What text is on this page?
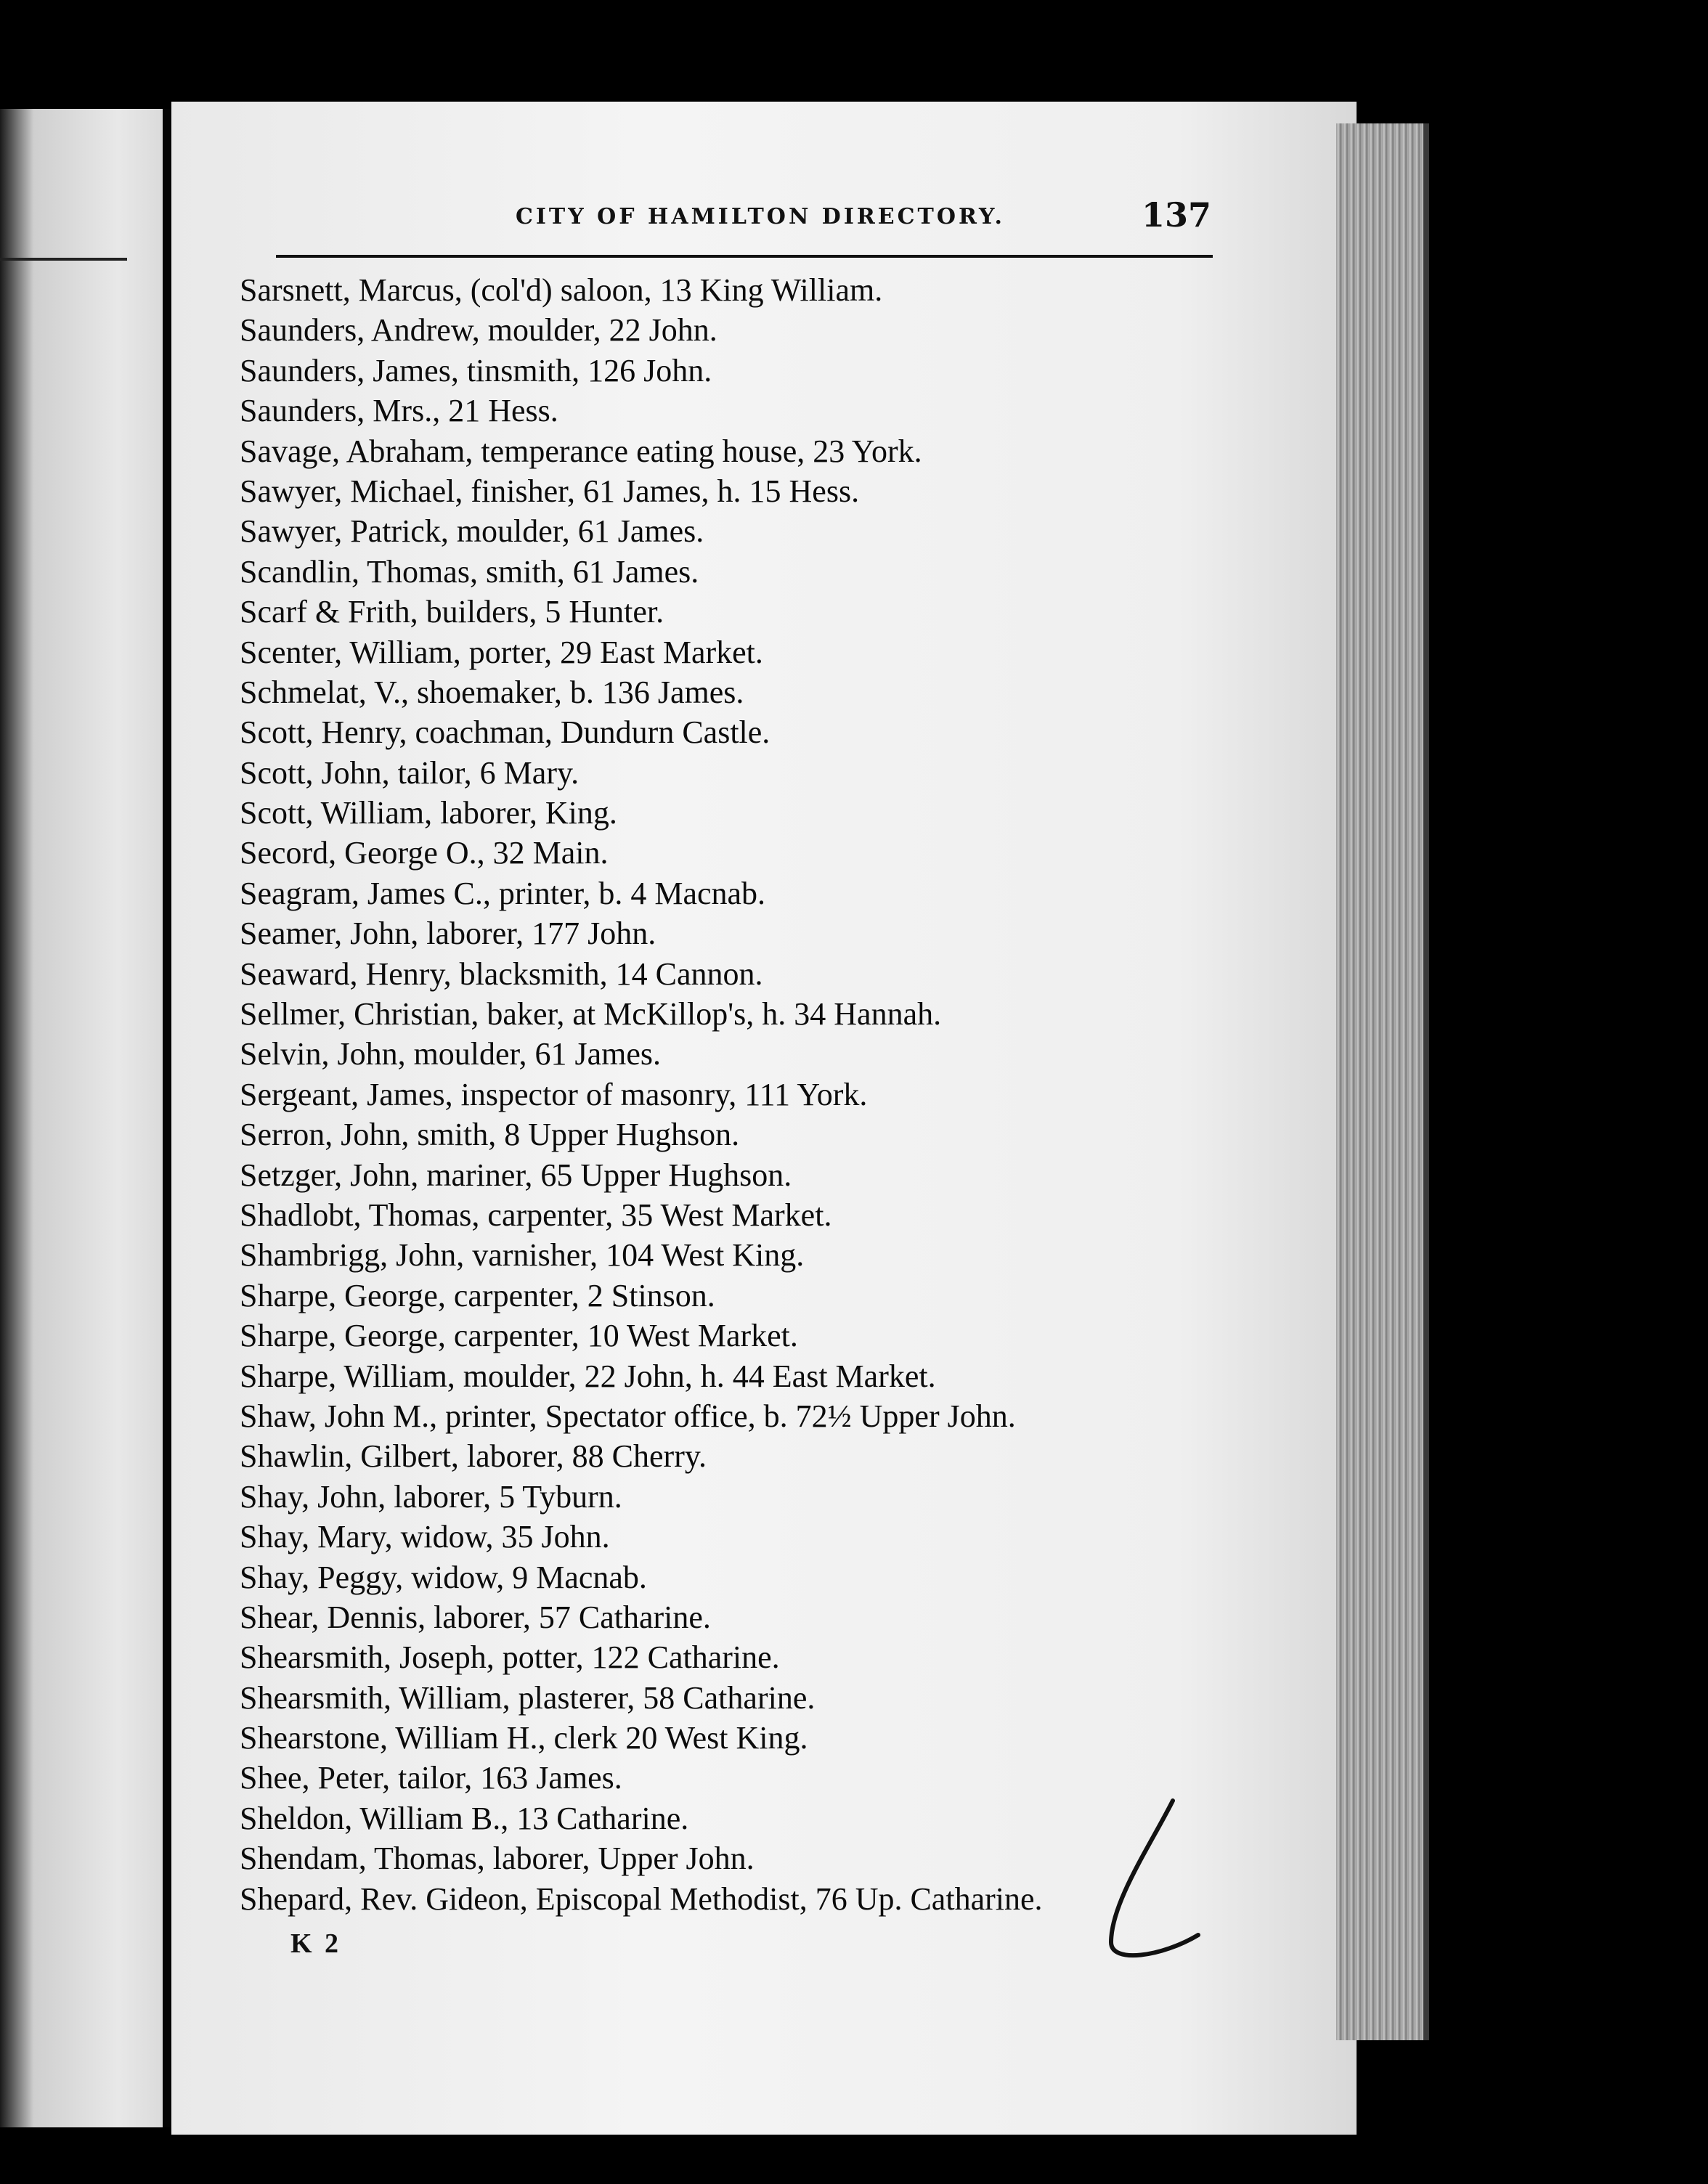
CITY OF HAMILTON DIRECTORY.	137
Sarsnett, Marcus, (col'd) saloon, 13 King William.
Saunders, Andrew, moulder, 22 John.
Saunders, James, tinsmith, 126 John.
Saunders, Mrs., 21 Hess.
Savage, Abraham, temperance eating house, 23 York.
Sawyer, Michael, finisher, 61 James, h. 15 Hess.
Sawyer, Patrick, moulder, 61 James.
Scandlin, Thomas, smith, 61 James.
Scarf & Frith, builders, 5 Hunter.
Scenter, William, porter, 29 East Market.
Schmelat, V., shoemaker, b. 136 James.
Scott, Henry, coachman, Dundurn Castle.
Scott, John, tailor, 6 Mary.
Scott, William, laborer, King.
Secord, George O., 32 Main.
Seagram, James C., printer, b. 4 Macnab.
Seamer, John, laborer, 177 John.
Seaward, Henry, blacksmith, 14 Cannon.
Sellmer, Christian, baker, at McKillop's, h. 34 Hannah.
Selvin, John, moulder, 61 James.
Sergeant, James, inspector of masonry, 111 York.
Serron, John, smith, 8 Upper Hughson.
Setzger, John, mariner, 65 Upper Hughson.
Shadlobt, Thomas, carpenter, 35 West Market.
Shambrigg, John, varnisher, 104 West King.
Sharpe, George, carpenter, 2 Stinson.
Sharpe, George, carpenter, 10 West Market.
Sharpe, William, moulder, 22 John, h. 44 East Market.
Shaw, John M., printer, Spectator office, b. 72½ Upper John.
Shawlin, Gilbert, laborer, 88 Cherry.
Shay, John, laborer, 5 Tyburn.
Shay, Mary, widow, 35 John.
Shay, Peggy, widow, 9 Macnab.
Shear, Dennis, laborer, 57 Catharine.
Shearsmith, Joseph, potter, 122 Catharine.
Shearsmith, William, plasterer, 58 Catharine.
Shearstone, William H., clerk 20 West King.
Shee, Peter, tailor, 163 James.
Sheldon, William B., 13 Catharine.
Shendam, Thomas, laborer, Upper John.
Shepard, Rev. Gideon, Episcopal Methodist, 76 Up. Catharine.
K 2
